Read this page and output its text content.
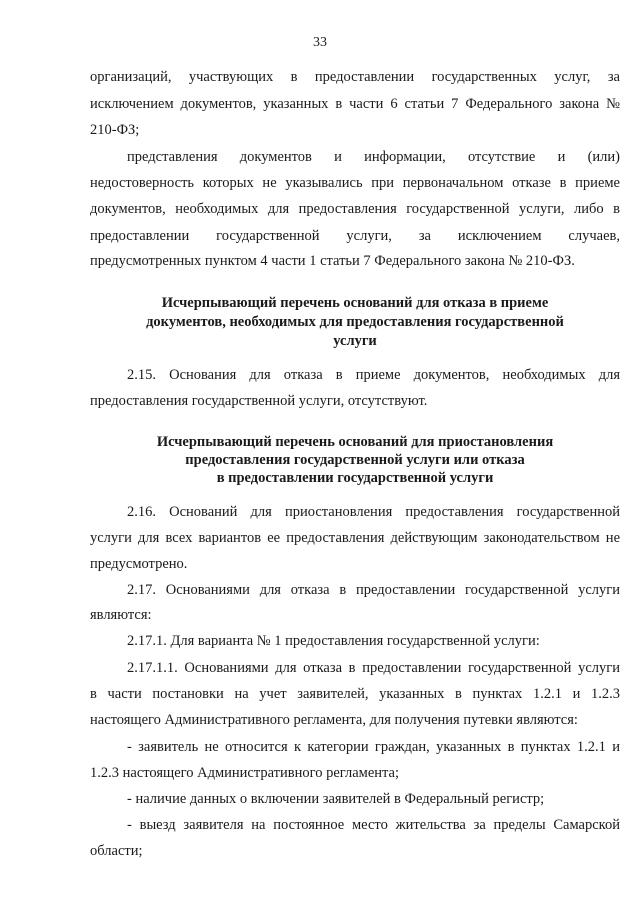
33

организаций, участвующих в предоставлении государственных услуг, за

исключением документов, указанных в части 6 статьи 7 Федерального закона №

210-ФЗ;

представления документов и информации, отсутствие и (или)

недостоверность которых не указывались при первоначальном отказе в приеме

документов, необходимых для предоставления государственной услуги, либо в

предоставлении государственной услуги, за исключением случаев,

предусмотренных пунктом 4 части 1 статьи 7 Федерального закона № 210-ФЗ.

Исчерпывающий перечень оснований для отказа в приеме

документов, необходимых для предоставления государственной

услуги

2.15. Основания для отказа в приеме документов, необходимых для

предоставления государственной услуги, отсутствуют.

Исчерпывающий перечень оснований для приостановления

предоставления государственной услуги или отказа

в предоставлении государственной услуги

2.16. Оснований для приостановления предоставления государственной

услуги для всех вариантов ее предоставления действующим законодательством не

предусмотрено.

2.17. Основаниями для отказа в предоставлении государственной услуги

являются:

2.17.1. Для варианта № 1 предоставления государственной услуги:

2.17.1.1. Основаниями для отказа в предоставлении государственной услуги

в части постановки на учет заявителей, указанных в пунктах 1.2.1 и 1.2.3

настоящего Административного регламента, для получения путевки являются:

- заявитель не относится к категории граждан, указанных в пунктах 1.2.1 и

1.2.3 настоящего Административного регламента;

- наличие данных о включении заявителей в Федеральный регистр;

- выезд заявителя на постоянное место жительства за пределы Самарской

области;
